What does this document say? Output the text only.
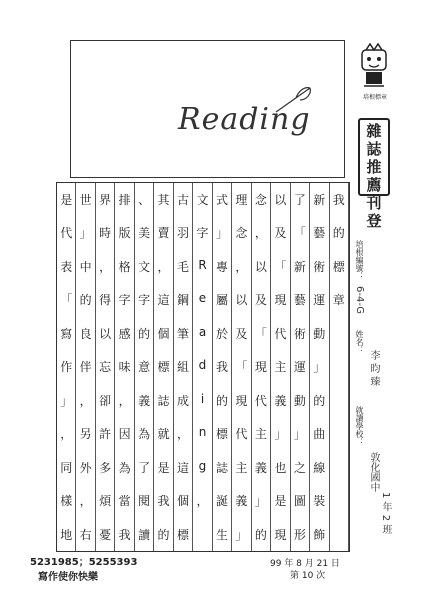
Reading
培根標章
雜
誌
推
薦
刊
登
我
的
標
章
新
藝
術
運
動
」
的
曲
線
裝
飾
了
「
新
藝
術
運
動
」
之
圖
形
以
及
「
現
代
主
義
」
也
是
現
念
，
以
及
「
現
代
主
義
」
的
理
念
，
以
及
「
現
代
主
義
」
式
」
專
屬
於
我
的
標
誌
誕
生
文
字
R
e
a
d
i
n
g
，
古
羽
毛
鋼
筆
組
成
，
這
個
標
其
賣
，
這
個
標
誌
就
是
我
的
、
美
文
字
的
意
義
為
了
閱
讀
排
版
格
字
感
味
，
因
為
當
我
界
時
，
得
以
忘
卻
許
多
煩
憂
世
」
中
的
良
伴
，
另
外
，
右
是
代
表
「
寫
作
」
，
同
樣
地
培根編號：
6-4-G
姓名：
李 昀 臻
就讀學校：
敦化國中
1 年 2 班
5231985；5255393
寫作使你快樂
99 年 8 月 21 日
第 10 次
